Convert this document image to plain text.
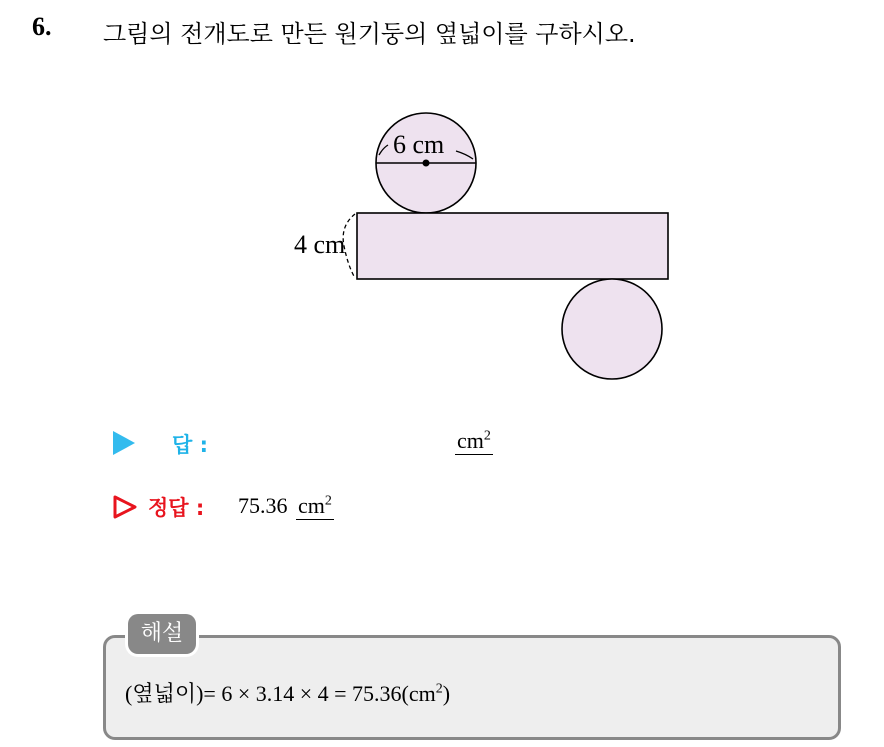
6. 그림의 전개도로 만든 원기둥의 옆넓이를 구하시오.
6 cm
4 cm
답 :	$cm^2$
정답 : 75.36 $cm^2$
해설
(옆넓이)= $6 \times 3.14 \times 4 = 75.36(cm^2)$
